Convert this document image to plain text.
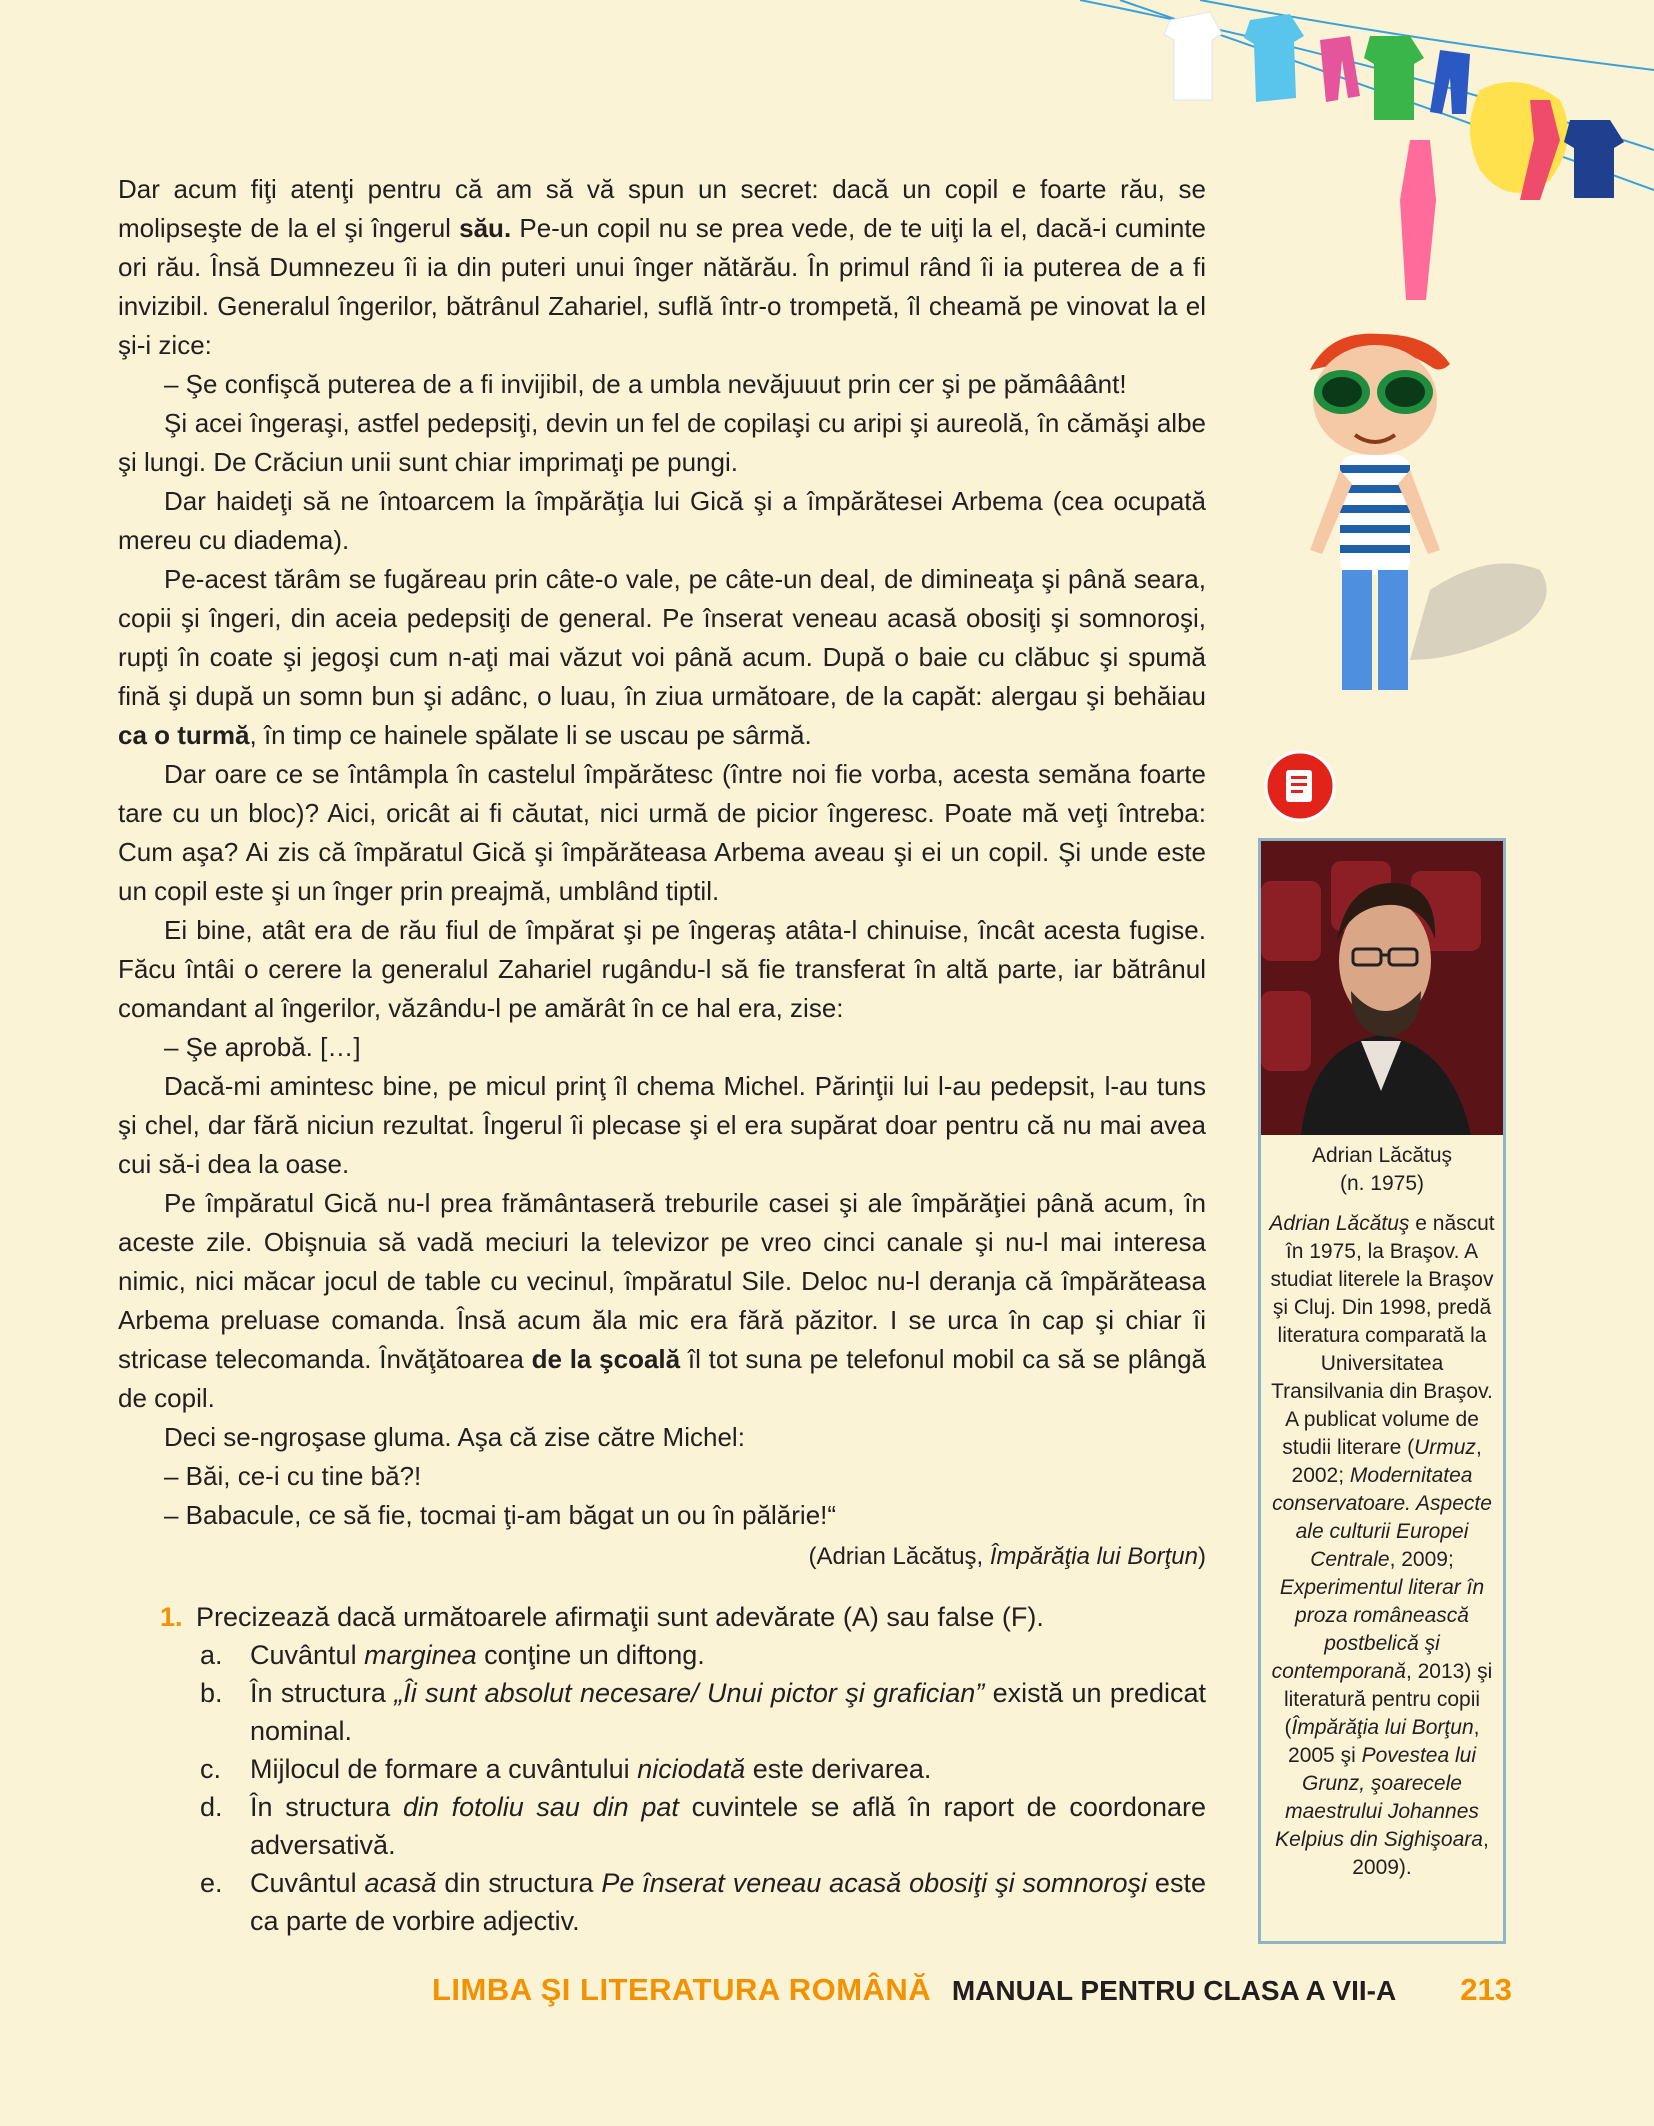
Dar acum fiţi atenţi pentru că am să vă spun un secret: dacă un copil e foarte rău, se molipseşte de la el şi îngerul său. Pe-un copil nu se prea vede, de te uiţi la el, dacă-i cuminte ori rău. Însă Dumnezeu îi ia din puteri unui înger nătărău. În primul rând îi ia puterea de a fi invizibil. Generalul îngerilor, bătrânul Zahariel, suflă într-o trompetă, îl cheamă pe vinovat la el şi-i zice:

– Şe confişcă puterea de a fi invijibil, de a umbla nevăjuuut prin cer şi pe pămââânt!

Şi acei îngeraşi, astfel pedepsiţi, devin un fel de copilaşi cu aripi şi aureolă, în cămăşi albe şi lungi. De Crăciun unii sunt chiar imprimaţi pe pungi.

Dar haideţi să ne întoarcem la împărăţia lui Gică şi a împărătesei Arbema (cea ocupată mereu cu diadema).

Pe-acest tărâm se fugăreau prin câte-o vale, pe câte-un deal, de dimineaţa şi până seara, copii şi îngeri, din aceia pedepsiţi de general. Pe înserat veneau acasă obosiţi şi somnoroşi, rupţi în coate şi jegoşi cum n-aţi mai văzut voi până acum. După o baie cu clăbuc şi spumă fină şi după un somn bun şi adânc, o luau, în ziua următoare, de la capăt: alergau şi behăiau ca o turmă, în timp ce hainele spălate li se uscau pe sârmă.

Dar oare ce se întâmpla în castelul împărătesc (între noi fie vorba, acesta semăna foarte tare cu un bloc)? Aici, oricât ai fi căutat, nici urmă de picior îngeresc. Poate mă veţi întreba: Cum aşa? Ai zis că împăratul Gică şi împărăteasa Arbema aveau şi ei un copil. Şi unde este un copil este şi un înger prin preajmă, umblând tiptil.

Ei bine, atât era de rău fiul de împărat şi pe îngeraş atâta-l chinuise, încât acesta fugise. Făcu întâi o cerere la generalul Zahariel rugându-l să fie transferat în altă parte, iar bătrânul comandant al îngerilor, văzându-l pe amărât în ce hal era, zise:

– Şe aprobă. […]

Dacă-mi amintesc bine, pe micul prinţ îl chema Michel. Părinţii lui l-au pedepsit, l-au tuns şi chel, dar fără niciun rezultat. Îngerul îi plecase şi el era supărat doar pentru că nu mai avea cui să-i dea la oase.

Pe împăratul Gică nu-l prea frământaseră treburile casei şi ale împărăţiei până acum, în aceste zile. Obişnuia să vadă meciuri la televizor pe vreo cinci canale şi nu-l mai interesa nimic, nici măcar jocul de table cu vecinul, împăratul Sile. Deloc nu-l deranja că împărăteasa Arbema preluase comanda. Însă acum ăla mic era fără păzitor. I se urca în cap şi chiar îi stricase telecomanda. Învăţătoarea de la şcoală îl tot suna pe telefonul mobil ca să se plângă de copil.

Deci se-ngroşase gluma. Aşa că zise către Michel:

– Băi, ce-i cu tine bă?!

– Babacule, ce să fie, tocmai ţi-am băgat un ou în pălărie!“

(Adrian Lăcătuş, Împărăţia lui Borţun)
1. Precizează dacă următoarele afirmaţii sunt adevărate (A) sau false (F).
a.	Cuvântul marginea conţine un diftong.
b.	În structura „Îi sunt absolut necesare/ Unui pictor şi grafician” există un predicat nominal.
c.	Mijlocul de formare a cuvântului niciodată este derivarea.
d.	În structura din fotoliu sau din pat cuvintele se află în raport de coordonare adversativă.
e.	Cuvântul acasă din structura Pe înserat veneau acasă obosiţi şi somnoroşi este ca parte de vorbire adjectiv.
Adrian Lăcătuş
(n. 1975)
Adrian Lăcătuş e născut în 1975, la Braşov. A studiat literele la Braşov şi Cluj. Din 1998, predă literatura comparată la Universitatea Transilvania din Braşov. A publicat volume de studii literare (Urmuz, 2002; Modernitatea conservatoare. Aspecte ale culturii Europei Centrale, 2009; Experimentul literar în proza românească postbelică şi contemporană, 2013) şi literatură pentru copii (Împărăţia lui Borţun, 2005 şi Povestea lui Grunz, şoarecele maestrului Johannes Kelpius din Sighişoara, 2009).
LIMBA ŞI LITERATURA ROMÂNĂ MANUAL PENTRU CLASA A VII-A 213
